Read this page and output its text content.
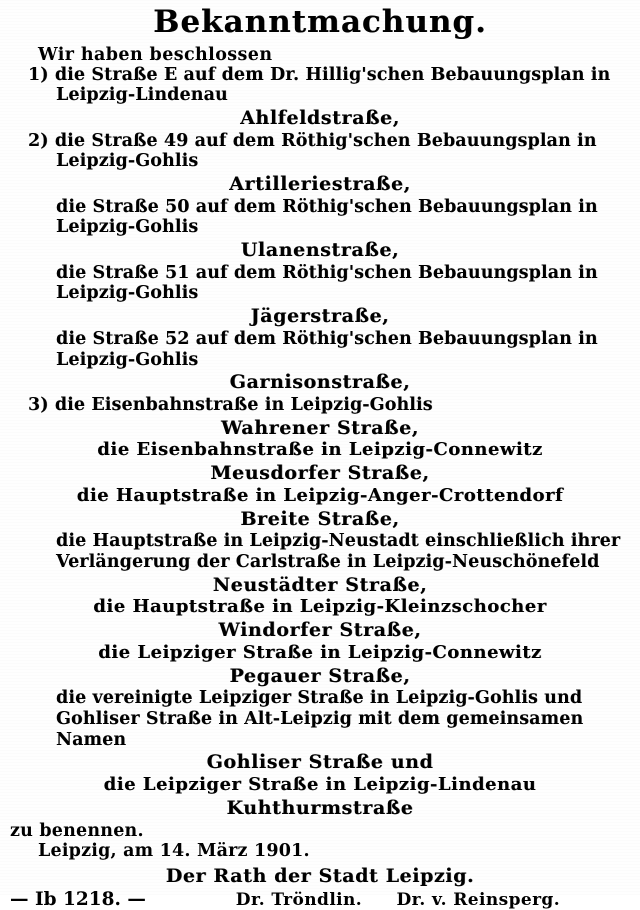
Bekanntmachung.
Wir haben beschlossen
1) die Straße E auf dem Dr. Hillig'schen Bebauungsplan in Leipzig-Lindenau
Ahlfeldstraße,
2) die Straße 49 auf dem Röthig'schen Bebauungsplan in Leipzig-Gohlis
Artilleriestraße,
die Straße 50 auf dem Röthig'schen Bebauungsplan in Leipzig-Gohlis
Ulanenstraße,
die Straße 51 auf dem Röthig'schen Bebauungsplan in Leipzig-Gohlis
Jägerstraße,
die Straße 52 auf dem Röthig'schen Bebauungsplan in Leipzig-Gohlis
Garnisonstraße,
3) die Eisenbahnstraße in Leipzig-Gohlis
Wahrener Straße,
die Eisenbahnstraße in Leipzig-Connewitz
Meusdorfer Straße,
die Hauptstraße in Leipzig-Anger-Crottendorf
Breite Straße,
die Hauptstraße in Leipzig-Neustadt einschließlich ihrer Verlängerung der Carlstraße in Leipzig-Neuschönefeld
Neustädter Straße,
die Hauptstraße in Leipzig-Kleinzschocher
Windorfer Straße,
die Leipziger Straße in Leipzig-Connewitz
Pegauer Straße,
die vereinigte Leipziger Straße in Leipzig-Gohlis und Gohliser Straße in Alt-Leipzig mit dem gemeinsamen Namen
Gohliser Straße und
die Leipziger Straße in Leipzig-Lindenau
Kuhthurmstraße
zu benennen.
Leipzig, am 14. März 1901.
Der Rath der Stadt Leipzig.
— Ib 1218. —	Dr. Tröndlin. Dr. v. Reinsperg.
